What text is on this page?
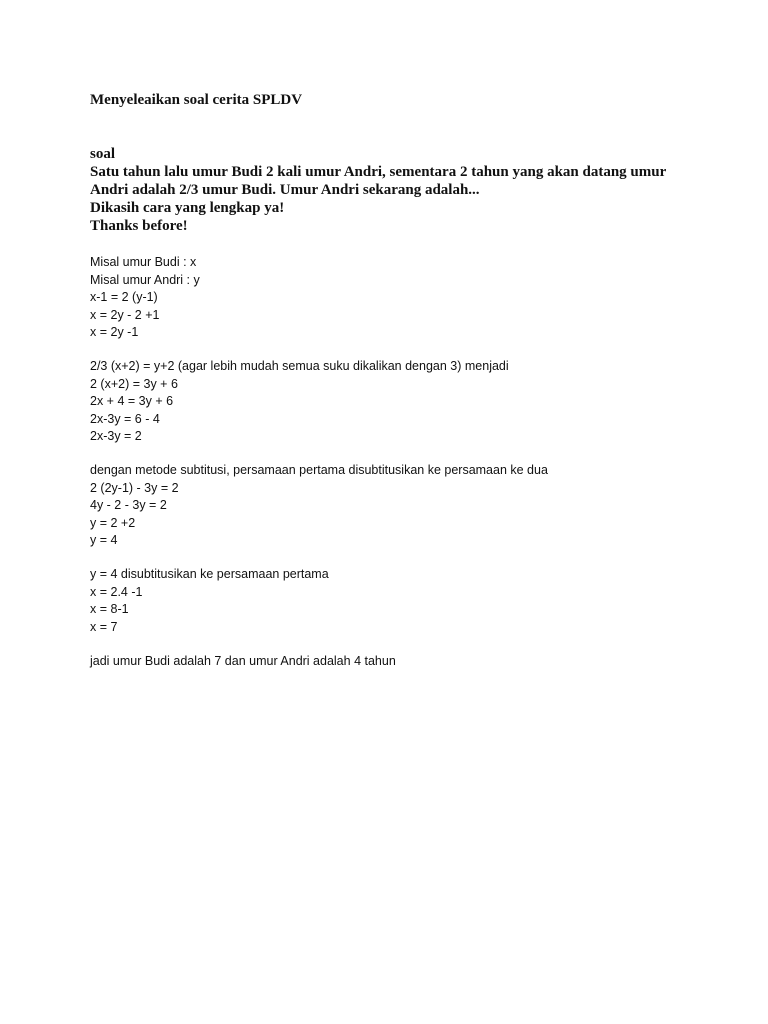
Menyeleaikan soal cerita SPLDV
soal
Satu tahun lalu umur Budi 2 kali umur Andri, sementara 2 tahun yang akan datang umur
Andri adalah 2/3 umur Budi. Umur Andri sekarang adalah...
Dikasih cara yang lengkap ya!
Thanks before!
Misal umur Budi : x
Misal umur Andri : y
x-1 = 2 (y-1)
x = 2y - 2 +1
x = 2y -1
2/3 (x+2) = y+2 (agar lebih mudah semua suku dikalikan dengan 3) menjadi
2 (x+2) = 3y + 6
2x + 4 = 3y + 6
2x-3y = 6 - 4
2x-3y = 2
dengan metode subtitusi, persamaan pertama disubtitusikan ke persamaan ke dua
2 (2y-1) - 3y = 2
4y - 2 - 3y = 2
y = 2 +2
y = 4
y = 4 disubtitusikan ke persamaan pertama
x = 2.4 -1
x = 8-1
x = 7
jadi umur Budi adalah 7 dan umur Andri adalah 4 tahun
